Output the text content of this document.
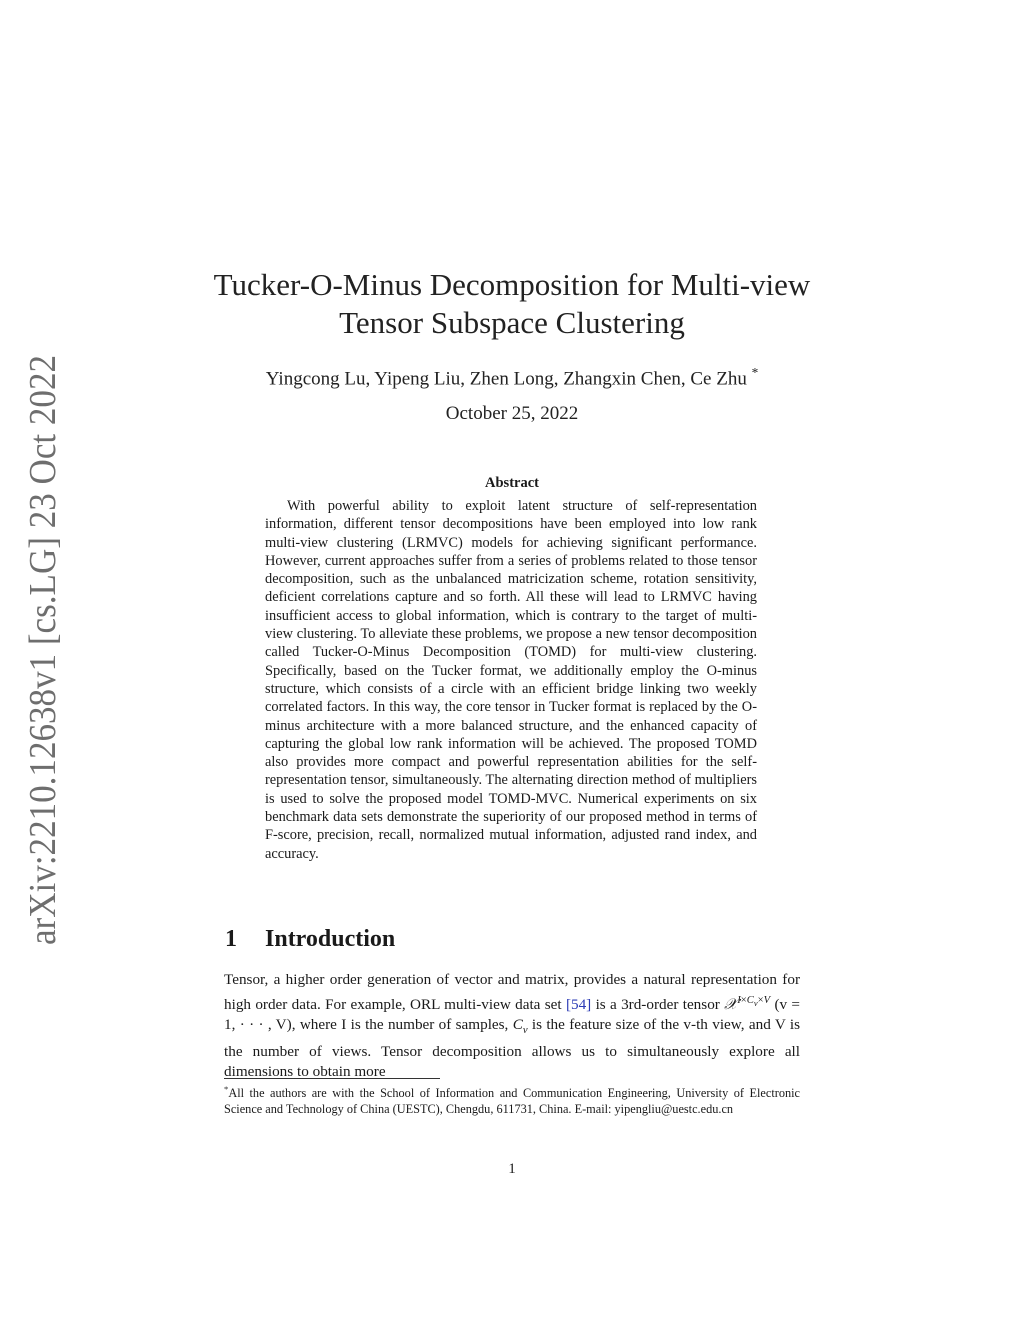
arXiv:2210.12638v1 [cs.LG] 23 Oct 2022
Tucker-O-Minus Decomposition for Multi-view
Tensor Subspace Clustering
Yingcong Lu, Yipeng Liu, Zhen Long, Zhangxin Chen, Ce Zhu *
October 25, 2022
Abstract
With powerful ability to exploit latent structure of self-representation information, different tensor decompositions have been employed into low rank multi-view clustering (LRMVC) models for achieving significant performance. However, current approaches suffer from a series of problems related to those tensor decomposition, such as the unbalanced matricization scheme, rotation sensitivity, deficient correlations capture and so forth. All these will lead to LRMVC having insufficient access to global information, which is contrary to the target of multi-view clustering. To alleviate these problems, we propose a new tensor decomposition called Tucker-O-Minus Decomposition (TOMD) for multi-view clustering. Specifically, based on the Tucker format, we additionally employ the O-minus structure, which consists of a circle with an efficient bridge linking two weekly correlated factors. In this way, the core tensor in Tucker format is replaced by the O-minus architecture with a more balanced structure, and the enhanced capacity of capturing the global low rank information will be achieved. The proposed TOMD also provides more compact and powerful representation abilities for the self-representation tensor, simultaneously. The alternating direction method of multipliers is used to solve the proposed model TOMD-MVC. Numerical experiments on six benchmark data sets demonstrate the superiority of our proposed method in terms of F-score, precision, recall, normalized mutual information, adjusted rand index, and accuracy.
1 Introduction
Tensor, a higher order generation of vector and matrix, provides a natural representation for high order data. For example, ORL multi-view data set [54] is a 3rd-order tensor 𝒳$^{I\times C_v\times V}$ (v = 1, · · · , V), where I is the number of samples, $C_v$ is the feature size of the v-th view, and V is the number of views. Tensor decomposition allows us to simultaneously explore all dimensions to obtain more
*All the authors are with the School of Information and Communication Engineering, University of Electronic Science and Technology of China (UESTC), Chengdu, 611731, China. E-mail: yipengliu@uestc.edu.cn
1
